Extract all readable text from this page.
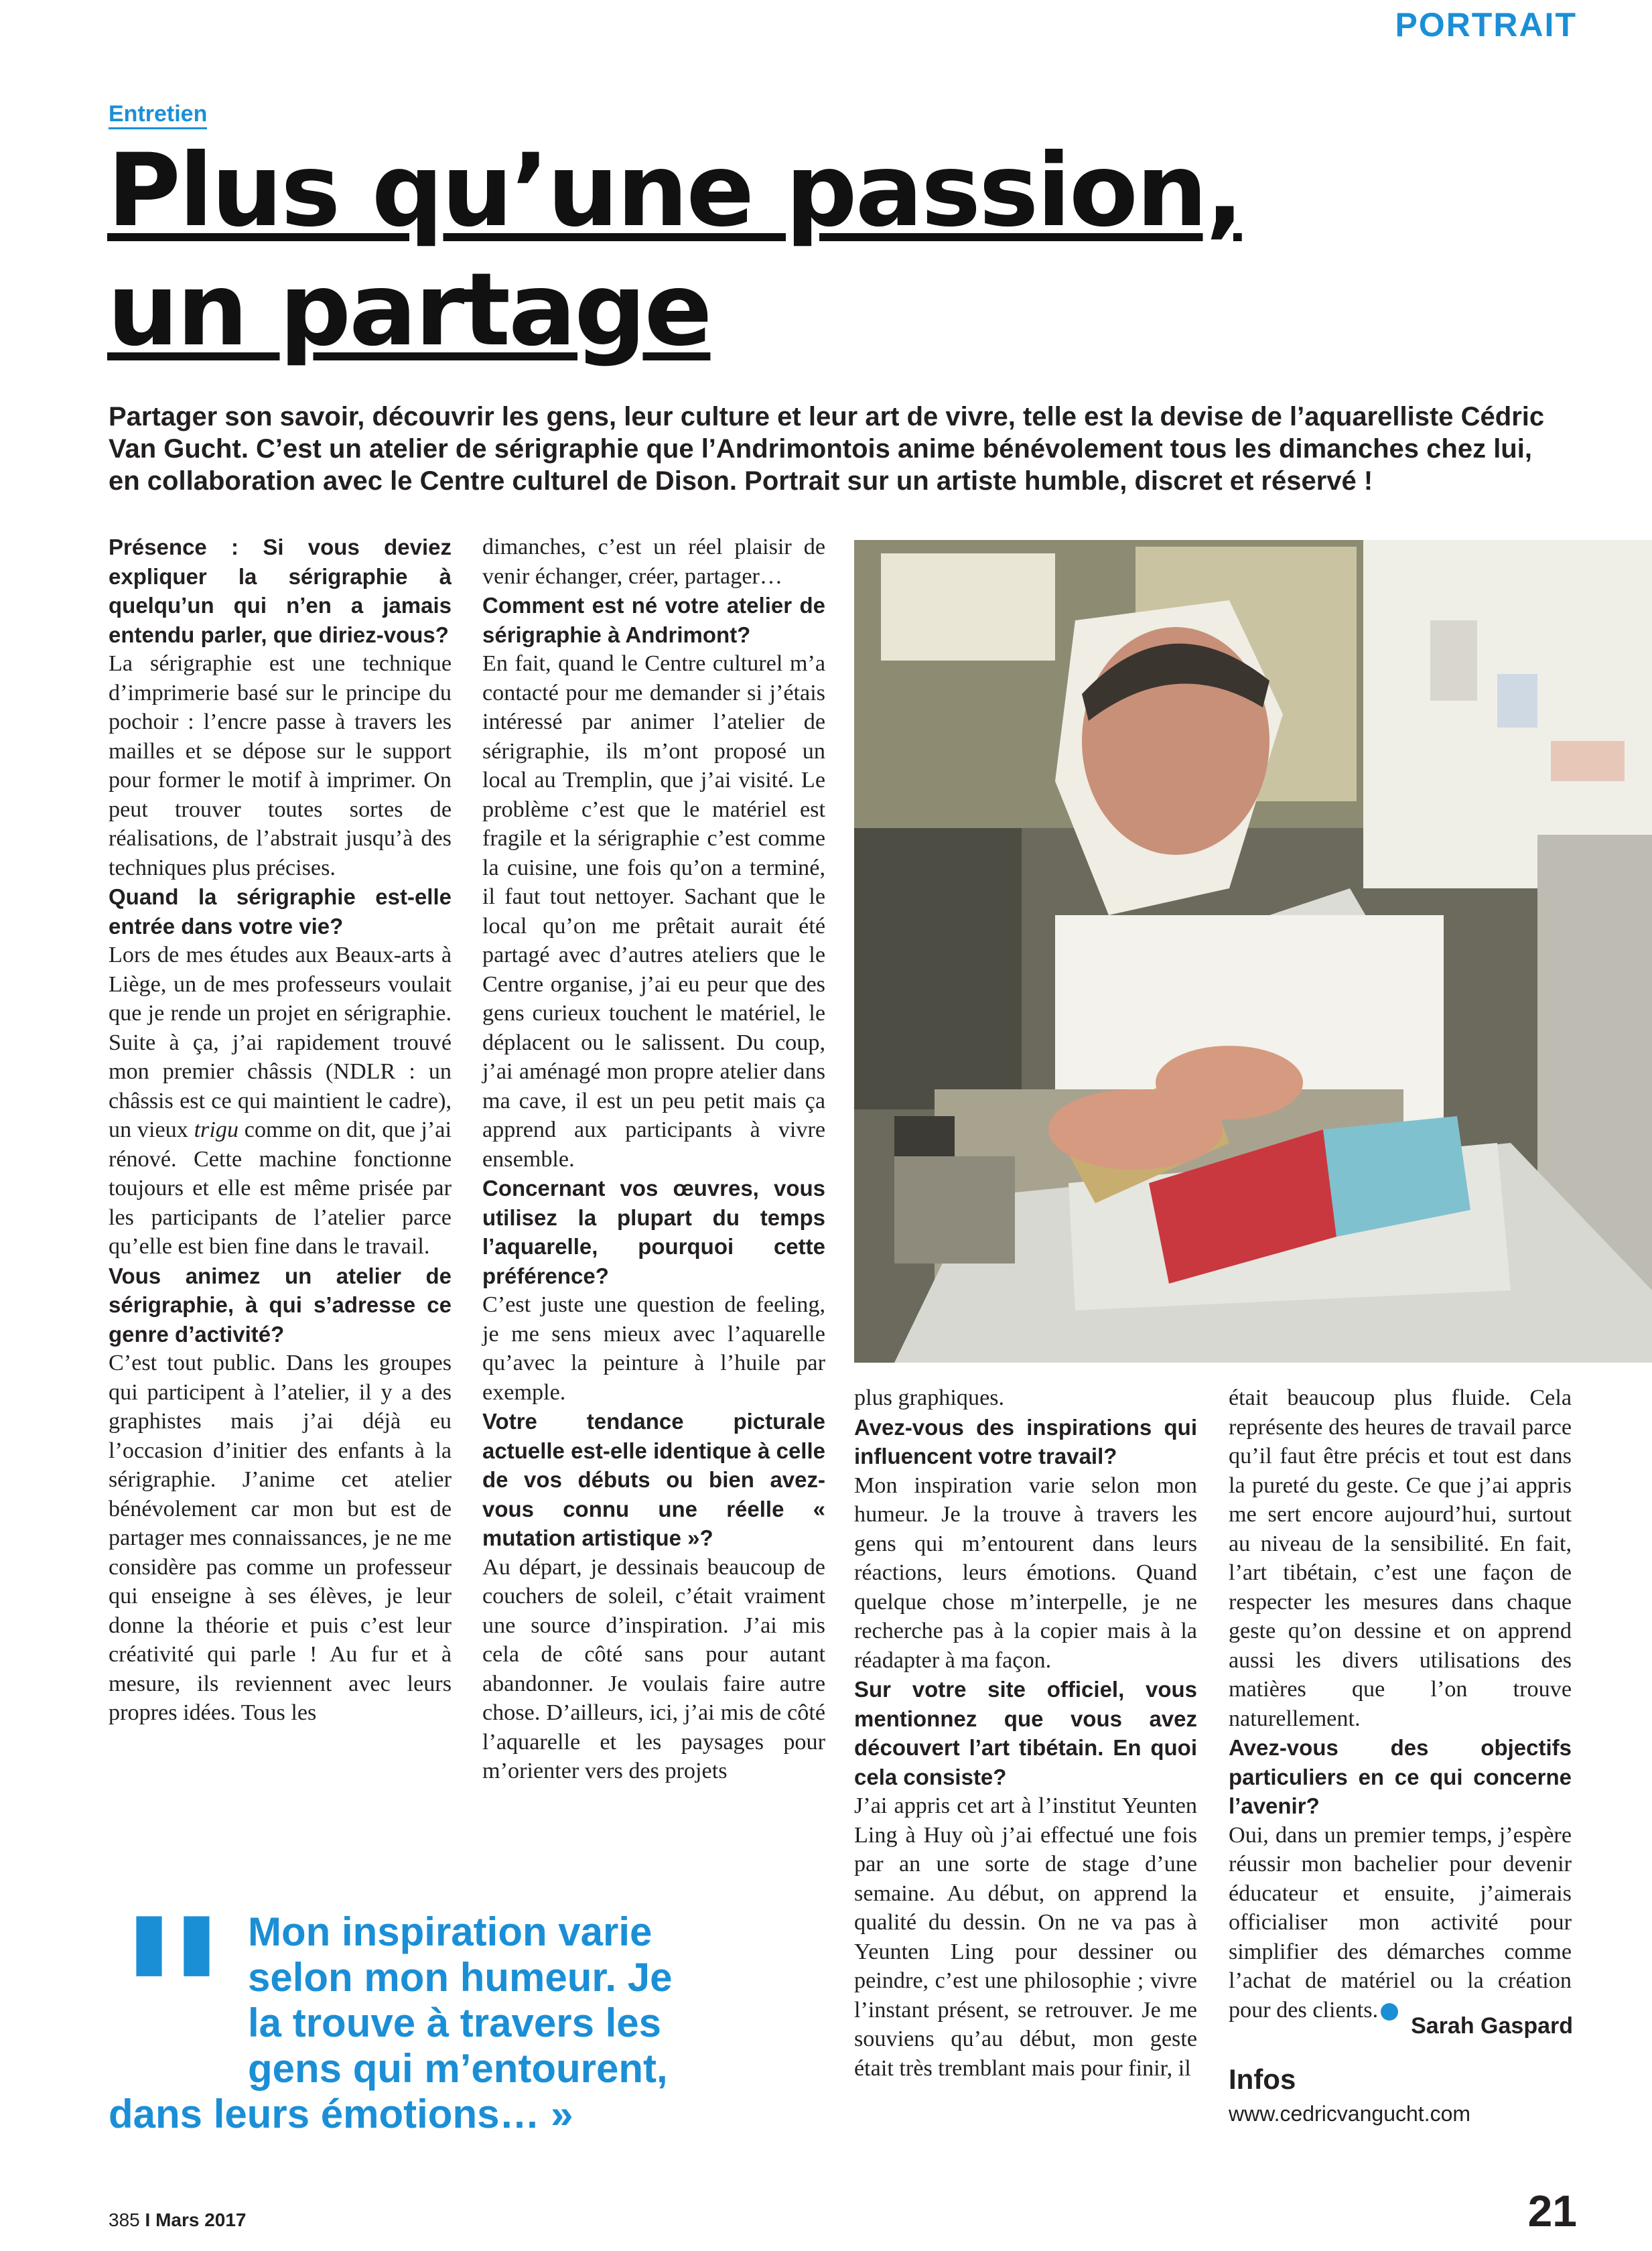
PORTRAIT
Entretien
Plus qu’une passion,
un partage

Partager son savoir, découvrir les gens, leur culture et leur art de vivre, telle est la devise de l’aquarelliste Cédric Van Gucht. C’est un atelier de sérigraphie que l’Andrimontois anime bénévolement tous les dimanches chez lui, en collaboration avec le Centre culturel de Dison. Portrait sur un artiste humble, discret et réservé !

Présence : Si vous deviez expliquer la sérigraphie à quelqu’un qui n’en a jamais entendu parler, que diriez-vous?

La sérigraphie est une technique d’imprimerie basé sur le principe du pochoir : l’encre passe à travers les mailles et se dépose sur le support pour former le motif à imprimer. On peut trouver toutes sortes de réalisations, de l’abstrait jusqu’à des techniques plus précises.

Quand la sérigraphie est-elle entrée dans votre vie?

Lors de mes études aux Beaux-arts à Liège, un de mes professeurs voulait que je rende un projet en sérigraphie. Suite à ça, j’ai rapidement trouvé mon premier châssis (NDLR : un châssis est ce qui maintient le cadre), un vieux trigu comme on dit, que j’ai rénové. Cette machine fonctionne toujours et elle est même prisée par les participants de l’atelier parce qu’elle est bien fine dans le travail.

Vous animez un atelier de sérigraphie, à qui s’adresse ce genre d’activité?

C’est tout public. Dans les groupes qui participent à l’atelier, il y a des graphistes mais j’ai déjà eu l’occasion d’initier des enfants à la sérigraphie. J’anime cet atelier bénévolement car mon but est de partager mes connaissances, je ne me considère pas comme un professeur qui enseigne à ses élèves, je leur donne la théorie et puis c’est leur créativité qui parle ! Au fur et à mesure, ils reviennent avec leurs propres idées. Tous les

dimanches, c’est un réel plaisir de venir échanger, créer, partager…

Comment est né votre atelier de sérigraphie à Andrimont?

En fait, quand le Centre culturel m’a contacté pour me demander si j’étais intéressé par animer l’atelier de sérigraphie, ils m’ont proposé un local au Tremplin, que j’ai visité. Le problème c’est que le matériel est fragile et la sérigraphie c’est comme la cuisine, une fois qu’on a terminé, il faut tout nettoyer. Sachant que le local qu’on me prêtait aurait été partagé avec d’autres ateliers que le Centre organise, j’ai eu peur que des gens curieux touchent le matériel, le déplacent ou le salissent. Du coup, j’ai aménagé mon propre atelier dans ma cave, il est un peu petit mais ça apprend aux participants à vivre ensemble.

Concernant vos œuvres, vous utilisez la plupart du temps l’aquarelle, pourquoi cette préférence?

C’est juste une question de feeling, je me sens mieux avec l’aquarelle qu’avec la peinture à l’huile par exemple.

Votre tendance picturale actuelle est-elle identique à celle de vos débuts ou bien avez-vous connu une réelle « mutation artistique »?

Au départ, je dessinais beaucoup de couchers de soleil, c’était vraiment une source d’inspiration. J’ai mis cela de côté sans pour autant abandonner. Je voulais faire autre chose. D’ailleurs, ici, j’ai mis de côté l’aquarelle et les paysages pour m’orienter vers des projets

plus graphiques.

Avez-vous des inspirations qui influencent votre travail?

Mon inspiration varie selon mon humeur. Je la trouve à travers les gens qui m’entourent dans leurs réactions, leurs émotions. Quand quelque chose m’interpelle, je ne recherche pas à la copier mais à la réadapter à ma façon.

Sur votre site officiel, vous mentionnez que vous avez découvert l’art tibétain. En quoi cela consiste?

J’ai appris cet art à l’institut Yeunten Ling à Huy où j’ai effectué une fois par an une sorte de stage d’une semaine. Au début, on apprend la qualité du dessin. On ne va pas à Yeunten Ling pour dessiner ou peindre, c’est une philosophie ; vivre l’instant présent, se retrouver. Je me souviens qu’au début, mon geste était très tremblant mais pour finir, il

était beaucoup plus fluide. Cela représente des heures de travail parce qu’il faut être précis et tout est dans la pureté du geste. Ce que j’ai appris me sert encore aujourd’hui, surtout au niveau de la sensibilité. En fait, l’art tibétain, c’est une façon de respecter les mesures dans chaque geste qu’on dessine et on apprend aussi les divers utilisations des matières que l’on trouve naturellement.

Avez-vous des objectifs particuliers en ce qui concerne l’avenir?

Oui, dans un premier temps, j’espère réussir mon bachelier pour devenir éducateur et ensuite, j’aimerais officialiser mon activité pour simplifier des démarches comme l’achat de matériel ou la création pour des clients.

" Mon inspiration varie
selon mon humeur. Je
la trouve à travers les
gens qui m’entourent,
dans leurs émotions… »
Sarah Gaspard
Infos
www.cedricvangucht.com
385 I Mars 2017	21
